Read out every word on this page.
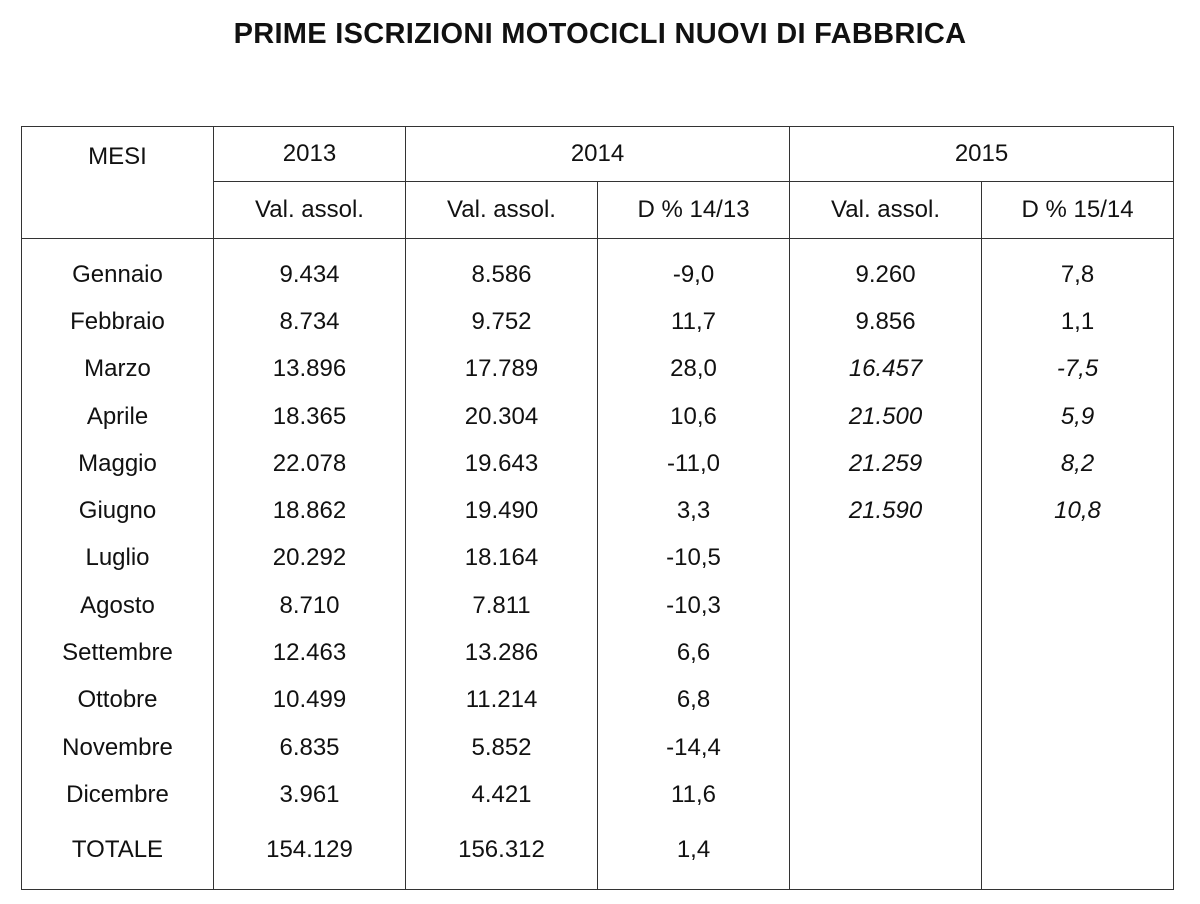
PRIME ISCRIZIONI MOTOCICLI NUOVI DI FABBRICA
MESI	2013	2014		2015	
	Val. assol.	Val. assol.	D % 14/13	Val. assol.	D % 15/14
Gennaio	9.434	8.586	-9,0	9.260	7,8
Febbraio	8.734	9.752	11,7	9.856	1,1
Marzo	13.896	17.789	28,0	16.457	-7,5
Aprile	18.365	20.304	10,6	21.500	5,9
Maggio	22.078	19.643	-11,0	21.259	8,2
Giugno	18.862	19.490	3,3	21.590	10,8
Luglio	20.292	18.164	-10,5		
Agosto	8.710	7.811	-10,3		
Settembre	12.463	13.286	6,6		
Ottobre	10.499	11.214	6,8		
Novembre	6.835	5.852	-14,4		
Dicembre	3.961	4.421	11,6		
TOTALE	154.129	156.312	1,4		
